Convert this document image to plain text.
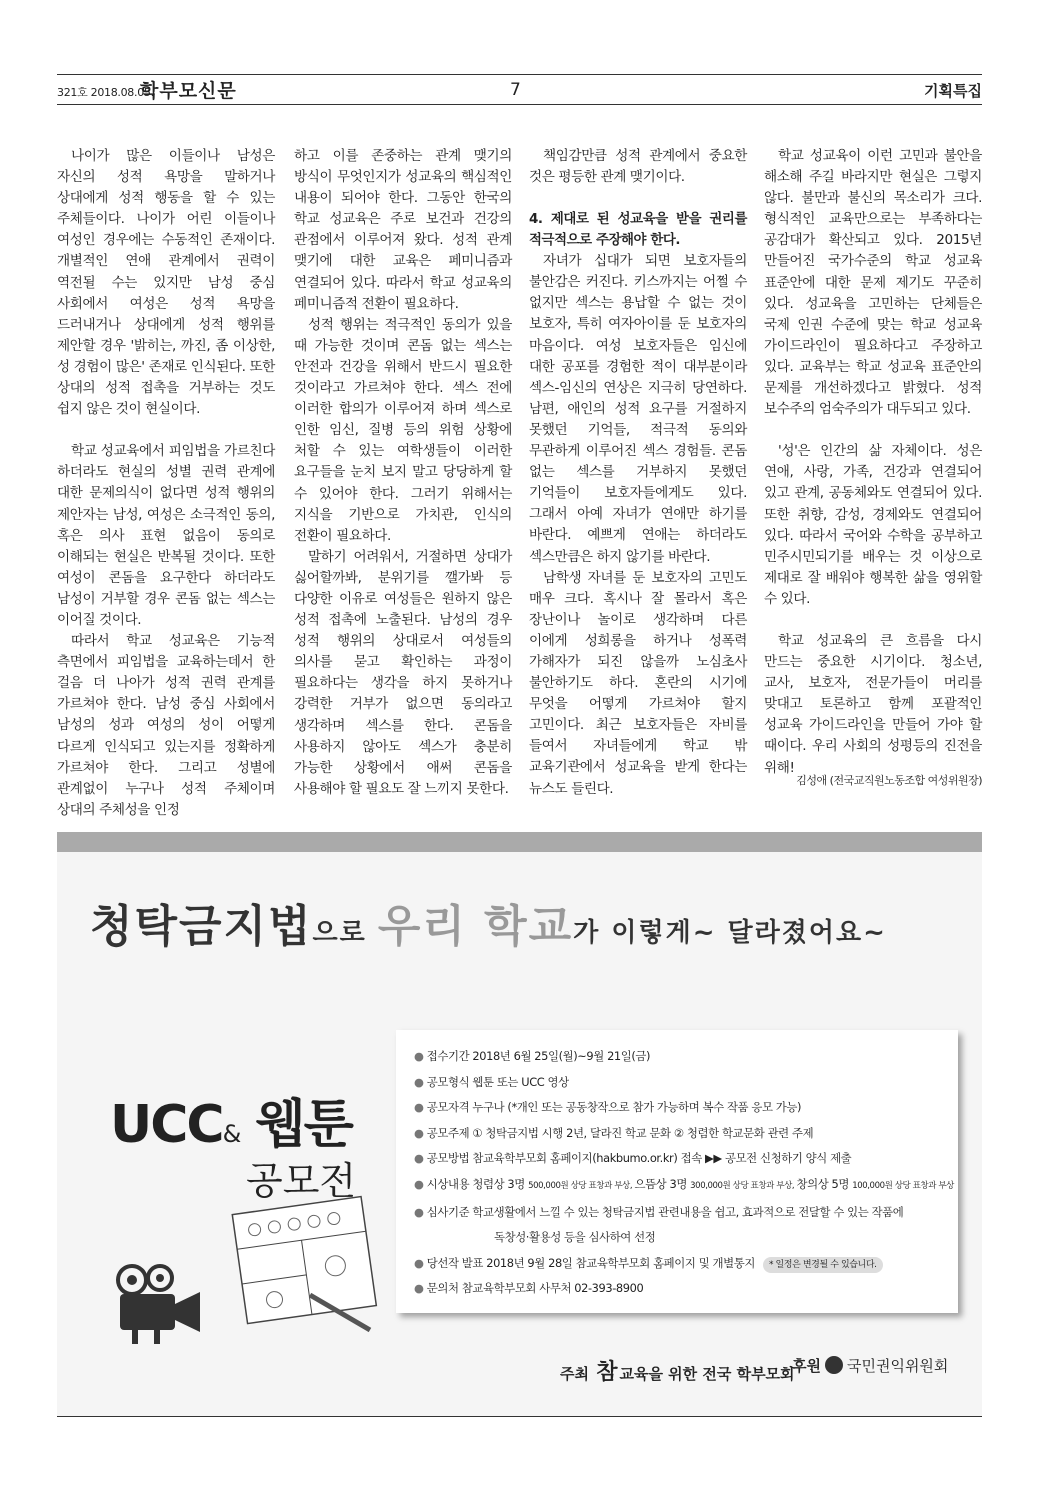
321호 2018.08.05.
학부모신문	7	기획특집

나이가 많은 이들이나 남성은 자신의 성적 욕망을 말하거나 상대에게 성적 행동을 할 수 있는 주체들이다. 나이가 어린 이들이나 여성인 경우에는 수동적인 존재이다. 개별적인 연애 관계에서 권력이 역전될 수는 있지만 남성 중심 사회에서 여성은 성적 욕망을 드러내거나 상대에게 성적 행위를 제안할 경우 '밝히는, 까진, 좀 이상한, 성 경험이 많은' 존재로 인식된다. 또한 상대의 성적 접촉을 거부하는 것도 쉽지 않은 것이 현실이다.

학교 성교육에서 피임법을 가르친다 하더라도 현실의 성별 권력 관계에 대한 문제의식이 없다면 성적 행위의 제안자는 남성, 여성은 소극적인 동의, 혹은 의사 표현 없음이 동의로 이해되는 현실은 반복될 것이다. 또한 여성이 콘돔을 요구한다 하더라도 남성이 거부할 경우 콘돔 없는 섹스는 이어질 것이다.

따라서 학교 성교육은 기능적 측면에서 피임법을 교육하는데서 한 걸음 더 나아가 성적 권력 관계를 가르쳐야 한다. 남성 중심 사회에서 남성의 성과 여성의 성이 어떻게 다르게 인식되고 있는지를 정확하게 가르쳐야 한다. 그리고 성별에 관계없이 누구나 성적 주체이며 상대의 주체성을 인정

하고 이를 존중하는 관계 맺기의 방식이 무엇인지가 성교육의 핵심적인 내용이 되어야 한다. 그동안 한국의 학교 성교육은 주로 보건과 건강의 관점에서 이루어져 왔다. 성적 관계 맺기에 대한 교육은 페미니즘과 연결되어 있다. 따라서 학교 성교육의 페미니즘적 전환이 필요하다.

성적 행위는 적극적인 동의가 있을 때 가능한 것이며 콘돔 없는 섹스는 안전과 건강을 위해서 반드시 필요한 것이라고 가르쳐야 한다. 섹스 전에 이러한 합의가 이루어져 하며 섹스로 인한 임신, 질병 등의 위험 상황에 처할 수 있는 여학생들이 이러한 요구들을 눈치 보지 말고 당당하게 할 수 있어야 한다. 그러기 위해서는 지식을 기반으로 가치관, 인식의 전환이 필요하다.

말하기 어려워서, 거절하면 상대가 싫어할까봐, 분위기를 깰가봐 등 다양한 이유로 여성들은 원하지 않은 성적 접촉에 노출된다. 남성의 경우 성적 행위의 상대로서 여성들의 의사를 묻고 확인하는 과정이 필요하다는 생각을 하지 못하거나 강력한 거부가 없으면 동의라고 생각하며 섹스를 한다. 콘돔을 사용하지 않아도 섹스가 충분히 가능한 상황에서 애써 콘돔을 사용해야 할 필요도 잘 느끼지 못한다.

책임감만큼 성적 관계에서 중요한 것은 평등한 관계 맺기이다.

4. 제대로 된 성교육을 받을 권리를 적극적으로 주장해야 한다.

자녀가 십대가 되면 보호자들의 불안감은 커진다. 키스까지는 어쩔 수 없지만 섹스는 용납할 수 없는 것이 보호자, 특히 여자아이를 둔 보호자의 마음이다. 여성 보호자들은 임신에 대한 공포를 경험한 적이 대부분이라 섹스-임신의 연상은 지극히 당연하다. 남편, 애인의 성적 요구를 거절하지 못했던 기억들, 적극적 동의와 무관하게 이루어진 섹스 경험들. 콘돔 없는 섹스를 거부하지 못했던 기억들이 보호자들에게도 있다. 그래서 아예 자녀가 연애만 하기를 바란다. 예쁘게 연애는 하더라도 섹스만큼은 하지 않기를 바란다.

남학생 자녀를 둔 보호자의 고민도 매우 크다. 혹시나 잘 몰라서 혹은 장난이나 놀이로 생각하며 다른 이에게 성희롱을 하거나 성폭력 가해자가 되진 않을까 노심초사 불안하기도 하다. 혼란의 시기에 무엇을 어떻게 가르쳐야 할지 고민이다. 최근 보호자들은 자비를 들여서 자녀들에게 학교 밖 교육기관에서 성교육을 받게 한다는 뉴스도 들린다.

학교 성교육이 이런 고민과 불안을 해소해 주길 바라지만 현실은 그렇지 않다. 불만과 불신의 목소리가 크다. 형식적인 교육만으로는 부족하다는 공감대가 확산되고 있다. 2015년 만들어진 국가수준의 학교 성교육 표준안에 대한 문제 제기도 꾸준히 있다. 성교육을 고민하는 단체들은 국제 인권 수준에 맞는 학교 성교육 가이드라인이 필요하다고 주장하고 있다. 교육부는 학교 성교육 표준안의 문제를 개선하겠다고 밝혔다. 성적 보수주의 엄숙주의가 대두되고 있다.

'성'은 인간의 삶 자체이다. 성은 연애, 사랑, 가족, 건강과 연결되어 있고 관계, 공동체와도 연결되어 있다. 또한 취향, 감성, 경제와도 연결되어 있다. 따라서 국어와 수학을 공부하고 민주시민되기를 배우는 것 이상으로 제대로 잘 배워야 행복한 삶을 영위할 수 있다.

학교 성교육의 큰 흐름을 다시 만드는 중요한 시기이다. 청소년, 교사, 보호자, 전문가들이 머리를 맞대고 토론하고 함께 포괄적인 성교육 가이드라인을 만들어 가야 할 때이다. 우리 사회의 성평등의 진전을 위해!

김성애 (전국교직원노동조합 여성위원장)
청탁금지법으로 우리 학교가 이렇게~ 달라졌어요~
UCC& 웹툰
공모전
● 접수기간 2018년 6월 25일(월)~9월 21일(금)
● 공모형식 웹툰 또는 UCC 영상
● 공모자격 누구나 (*개인 또는 공동창작으로 참가 가능하며 복수 작품 응모 가능)
● 공모주제 ① 청탁금지법 시행 2년, 달라진 학교 문화 ② 청렴한 학교문화 관련 주제
● 공모방법 참교육학부모회 홈페이지(hakbumo.or.kr) 접속 ▶▶ 공모전 신청하기 양식 제출
● 시상내용 청렴상 3명 500,000원 상당 표창과 부상, 으뜸상 3명 300,000원 상당 표창과 부상, 창의상 5명 100,000원 상당 표창과 부상
● 심사기준 학교생활에서 느낄 수 있는 청탁금지법 관련내용을 쉽고, 효과적으로 전달할 수 있는 작품에
독창성·활용성 등을 심사하여 선정
● 당선작 발표 2018년 9월 28일 참교육학부모회 홈페이지 및 개별통지 * 일정은 변경될 수 있습니다.
● 문의처 참교육학부모회 사무처 02-393-8900
주최 참 교육을 위한 전국 학부모회
후원 국민권익위원회
